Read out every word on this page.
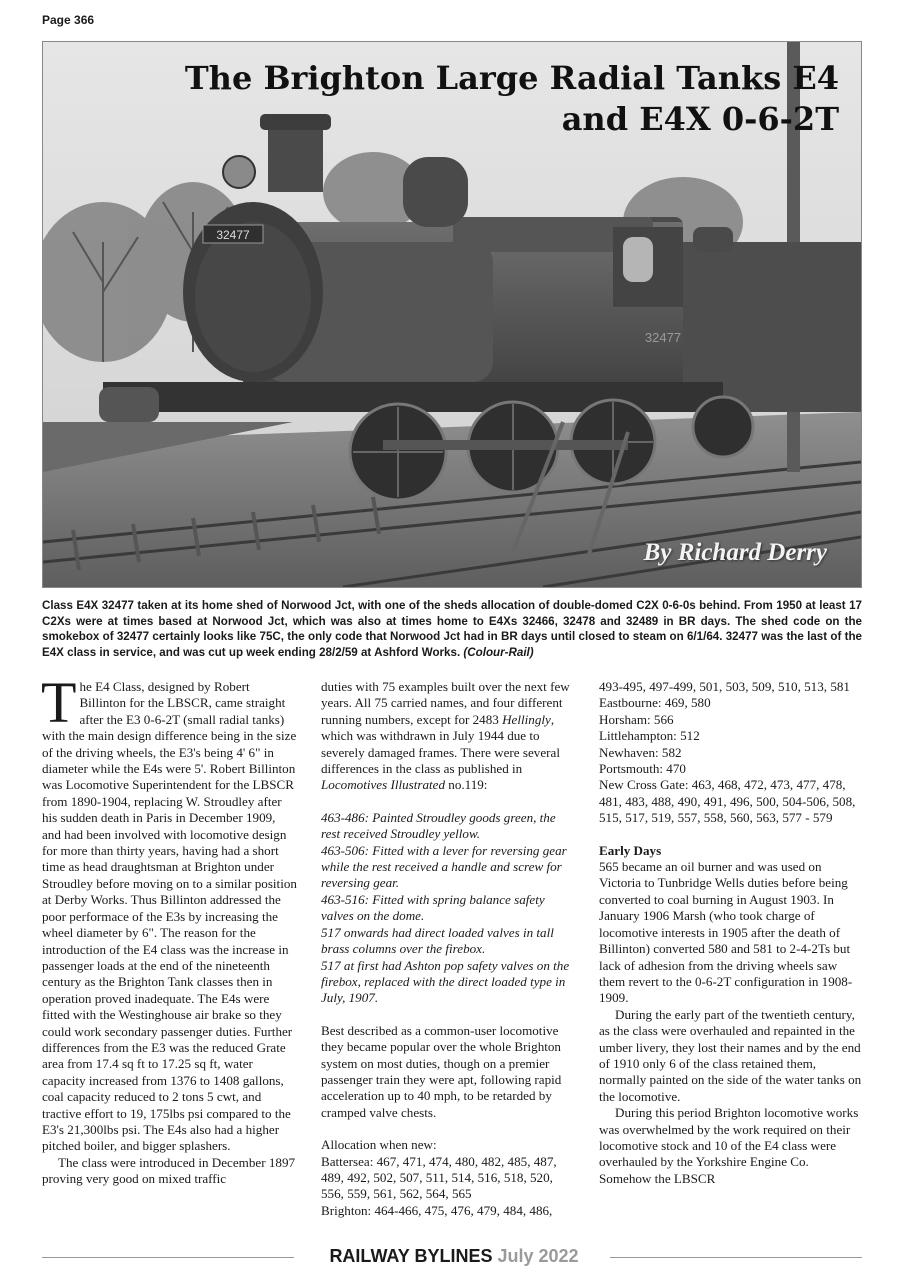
Page 366
32477
32477
The Brighton Large Radial Tanks E4
and E4X 0-6-2T
By Richard Derry
Class E4X 32477 taken at its home shed of Norwood Jct, with one of the sheds allocation of double-domed C2X 0-6-0s behind. From 1950 at least 17 C2Xs were at times based at Norwood Jct, which was also at times home to E4Xs 32466, 32478 and 32489 in BR days. The shed code on the smokebox of 32477 certainly looks like 75C, the only code that Norwood Jct had in BR days until closed to steam on 6/1/64. 32477 was the last of the E4X class in service, and was cut up week ending 28/2/59 at Ashford Works. (Colour-Rail)

The E4 Class, designed by Robert Billinton for the LBSCR, came straight after the E3 0-6-2T (small radial tanks) with the main design difference being in the size of the driving wheels, the E3's being 4' 6" in diameter while the E4s were 5'. Robert Billinton was Locomotive Superintendent for the LBSCR from 1890-1904, replacing W. Stroudley after his sudden death in Paris in December 1909, and had been involved with locomotive design for more than thirty years, having had a short time as head draughtsman at Brighton under Stroudley before moving on to a similar position at Derby Works. Thus Billinton addressed the poor performace of the E3s by increasing the wheel diameter by 6". The reason for the introduction of the E4 class was the increase in passenger loads at the end of the nineteenth century as the Brighton Tank classes then in operation proved inadequate. The E4s were fitted with the Westinghouse air brake so they could work secondary passenger duties. Further differences from the E3 was the reduced Grate area from 17.4 sq ft to 17.25 sq ft, water capacity increased from 1376 to 1408 gallons, coal capacity reduced to 2 tons 5 cwt, and tractive effort to 19, 175lbs psi compared to the E3's 21,300lbs psi. The E4s also had a higher pitched boiler, and bigger splashers.

The class were introduced in December 1897 proving very good on mixed traffic

duties with 75 examples built over the next few years. All 75 carried names, and four different running numbers, except for 2483 Hellingly, which was withdrawn in July 1944 due to severely damaged frames. There were several differences in the class as published in Locomotives Illustrated no.119:

463-486: Painted Stroudley goods green, the rest received Stroudley yellow.

463-506: Fitted with a lever for reversing gear while the rest received a handle and screw for reversing gear.

463-516: Fitted with spring balance safety valves on the dome.

517 onwards had direct loaded valves in tall brass columns over the firebox.

517 at first had Ashton pop safety valves on the firebox, replaced with the direct loaded type in July, 1907.

Best described as a common-user locomotive they became popular over the whole Brighton system on most duties, though on a premier passenger train they were apt, following rapid acceleration up to 40 mph, to be retarded by cramped valve chests.

Allocation when new:

Battersea: 467, 471, 474, 480, 482, 485, 487, 489, 492, 502, 507, 511, 514, 516, 518, 520, 556, 559, 561, 562, 564, 565

Brighton: 464-466, 475, 476, 479, 484, 486,

493-495, 497-499, 501, 503, 509, 510, 513, 581

Eastbourne: 469, 580

Horsham: 566

Littlehampton: 512

Newhaven: 582

Portsmouth: 470

New Cross Gate: 463, 468, 472, 473, 477, 478, 481, 483, 488, 490, 491, 496, 500, 504-506, 508, 515, 517, 519, 557, 558, 560, 563, 577 - 579

Early Days

565 became an oil burner and was used on Victoria to Tunbridge Wells duties before being converted to coal burning in August 1903. In January 1906 Marsh (who took charge of locomotive interests in 1905 after the death of Billinton) converted 580 and 581 to 2-4-2Ts but lack of adhesion from the driving wheels saw them revert to the 0-6-2T configuration in 1908-1909.

During the early part of the twentieth century, as the class were overhauled and repainted in the umber livery, they lost their names and by the end of 1910 only 6 of the class retained them, normally painted on the side of the water tanks on the locomotive.

During this period Brighton locomotive works was overwhelmed by the work required on their locomotive stock and 10 of the E4 class were overhauled by the Yorkshire Engine Co. Somehow the LBSCR

RAILWAY BYLINES July 2022
